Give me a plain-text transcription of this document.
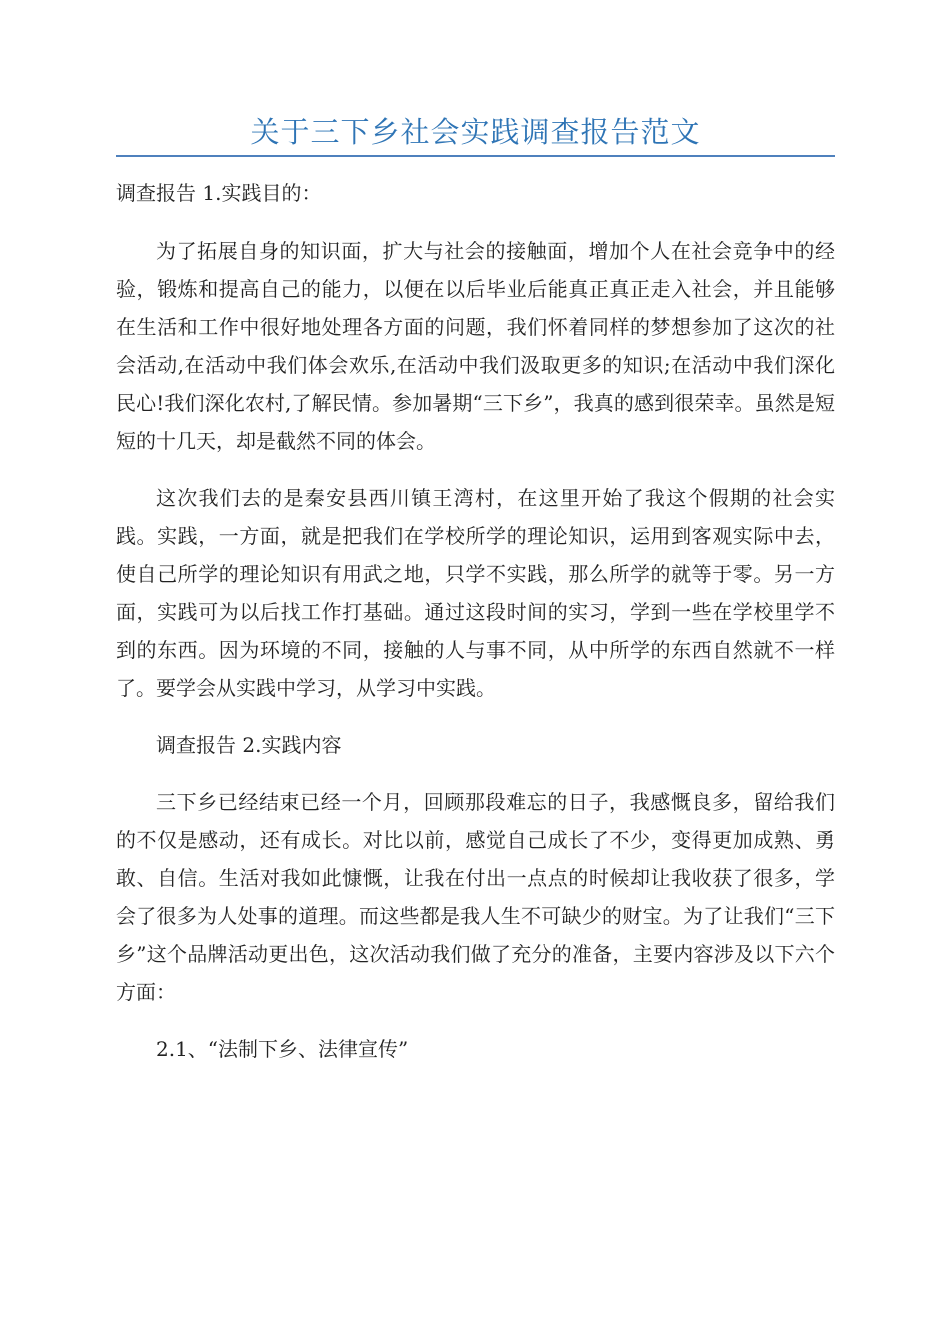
关于三下乡社会实践调查报告范文

调查报告 1.实践目的：

为了拓展自身的知识面，扩大与社会的接触面，增加个人在社会竞争中的经验，锻炼和提高自己的能力，以便在以后毕业后能真正真正走入社会，并且能够在生活和工作中很好地处理各方面的问题，我们怀着同样的梦想参加了这次的社会活动,在活动中我们体会欢乐,在活动中我们汲取更多的知识;在活动中我们深化民心!我们深化农村,了解民情。参加暑期“三下乡”，我真的感到很荣幸。虽然是短短的十几天，却是截然不同的体会。

这次我们去的是秦安县西川镇王湾村，在这里开始了我这个假期的社会实践。实践，一方面，就是把我们在学校所学的理论知识，运用到客观实际中去，使自己所学的理论知识有用武之地，只学不实践，那么所学的就等于零。另一方面，实践可为以后找工作打基础。通过这段时间的实习，学到一些在学校里学不到的东西。因为环境的不同，接触的人与事不同，从中所学的东西自然就不一样了。要学会从实践中学习，从学习中实践。

调查报告 2.实践内容

三下乡已经结束已经一个月，回顾那段难忘的日子，我感慨良多，留给我们的不仅是感动，还有成长。对比以前，感觉自己成长了不少，变得更加成熟、勇敢、自信。生活对我如此慷慨，让我在付出一点点的时候却让我收获了很多，学会了很多为人处事的道理。而这些都是我人生不可缺少的财宝。为了让我们“三下乡”这个品牌活动更出色，这次活动我们做了充分的准备，主要内容涉及以下六个方面：

2.1、“法制下乡、法律宣传”
